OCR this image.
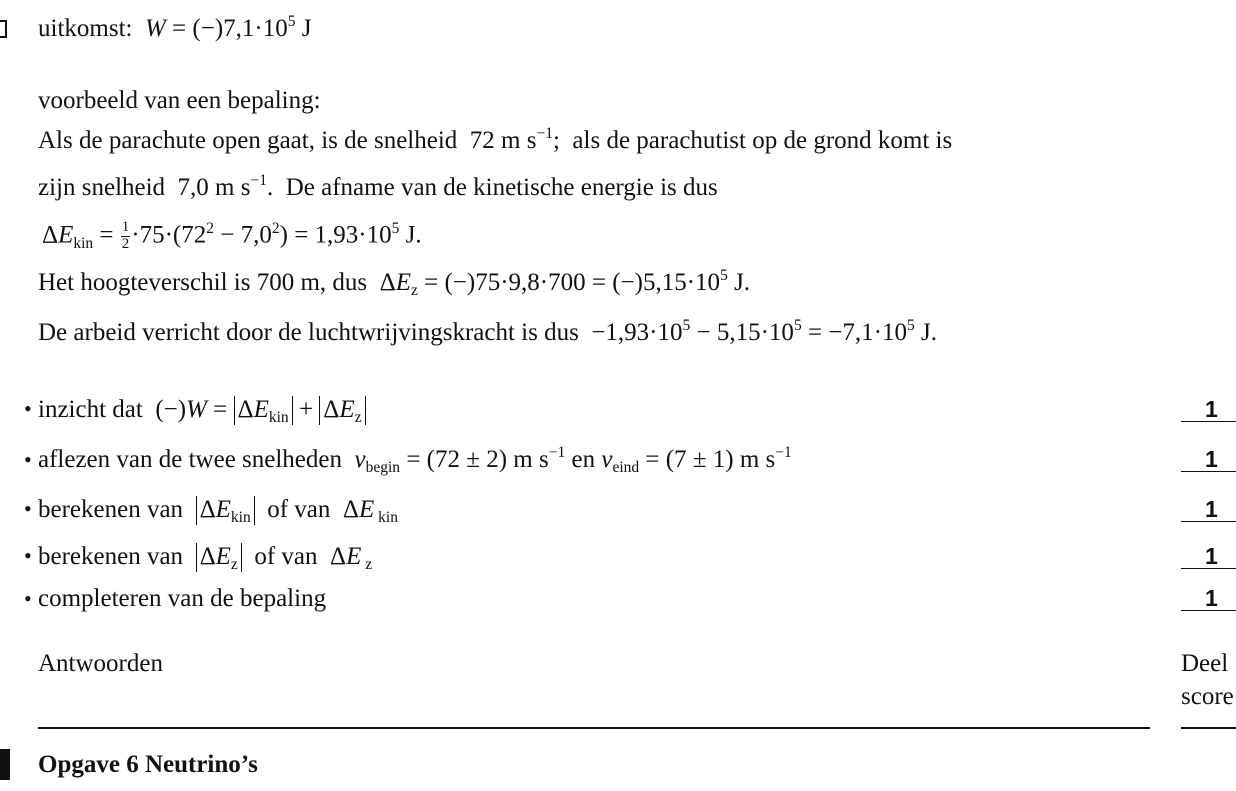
uitkomst: $W = (-)7,1\cdot 10^5$ J
voorbeeld van een bepaling:
Als de parachute open gaat, is de snelheid  72 m $s^{-1}$;  als de parachutist op de grond komt is
zijn snelheid  7,0 m $s^{-1}$.  De afname van de kinetische energie is dus
$\Delta E_{kin} = \frac{1}{2} \cdot 75\cdot(72^2 - 7,0^2) = 1,93\cdot 10^5$ J.
Het hoogteverschil is 700 m, dus  $\Delta E_z = (-)75\cdot 9,8\cdot 700 = (-)5,15\cdot 10^5$ J.
De arbeid verricht door de luchtwrijvingskracht is dus  $-1,93\cdot 10^5 - 5,15\cdot 10^5 = -7,1\cdot 10^5$ J.
• inzicht dat  $(-)W = \Delta E_{kin} + \Delta E_z$	1
• aflezen van de twee snelheden  $v_{begin} = (72 \pm 2)$ m $s^{-1}$ en $v_{eind} = (7 \pm 1)$ m $s^{-1}$	1
• berekenen van  $\Delta E_{kin}$  of van  ΔE $_{kin}$	1
• berekenen van  $\Delta E_z$  of van  ΔE $_z$	1
• completeren van de bepaling	1
Antwoorden	Deel
score
Opgave 6 Neutrino’s
